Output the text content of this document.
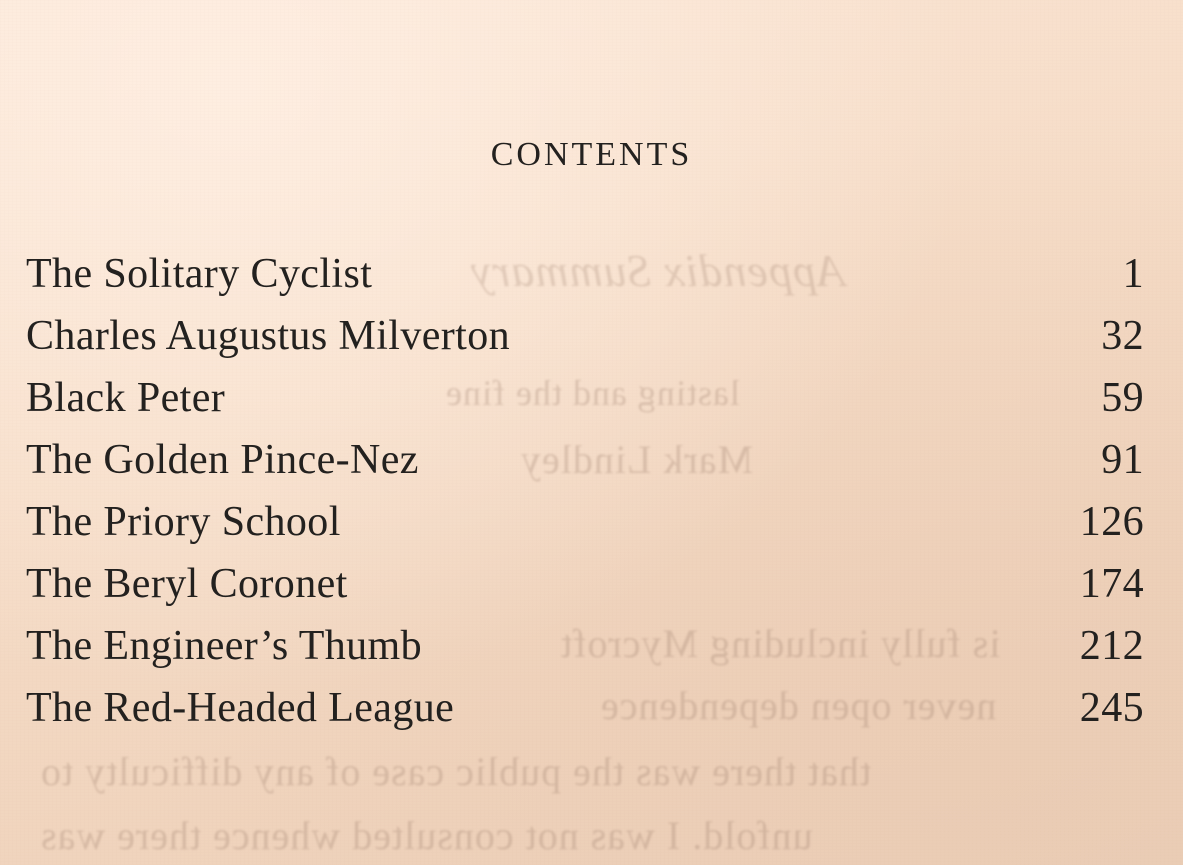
Appendix Summary
lasting and the fine
Mark Lindley
is fully including Mycroft
never open dependence
that there was the public case of any difficulty to
unfold. I was not consulted whence there was
contents
The Solitary Cyclist	1
Charles Augustus Milverton	32
Black Peter	59
The Golden Pince-Nez	91
The Priory School	126
The Beryl Coronet	174
The Engineer’s Thumb	212
The Red-Headed League	245
